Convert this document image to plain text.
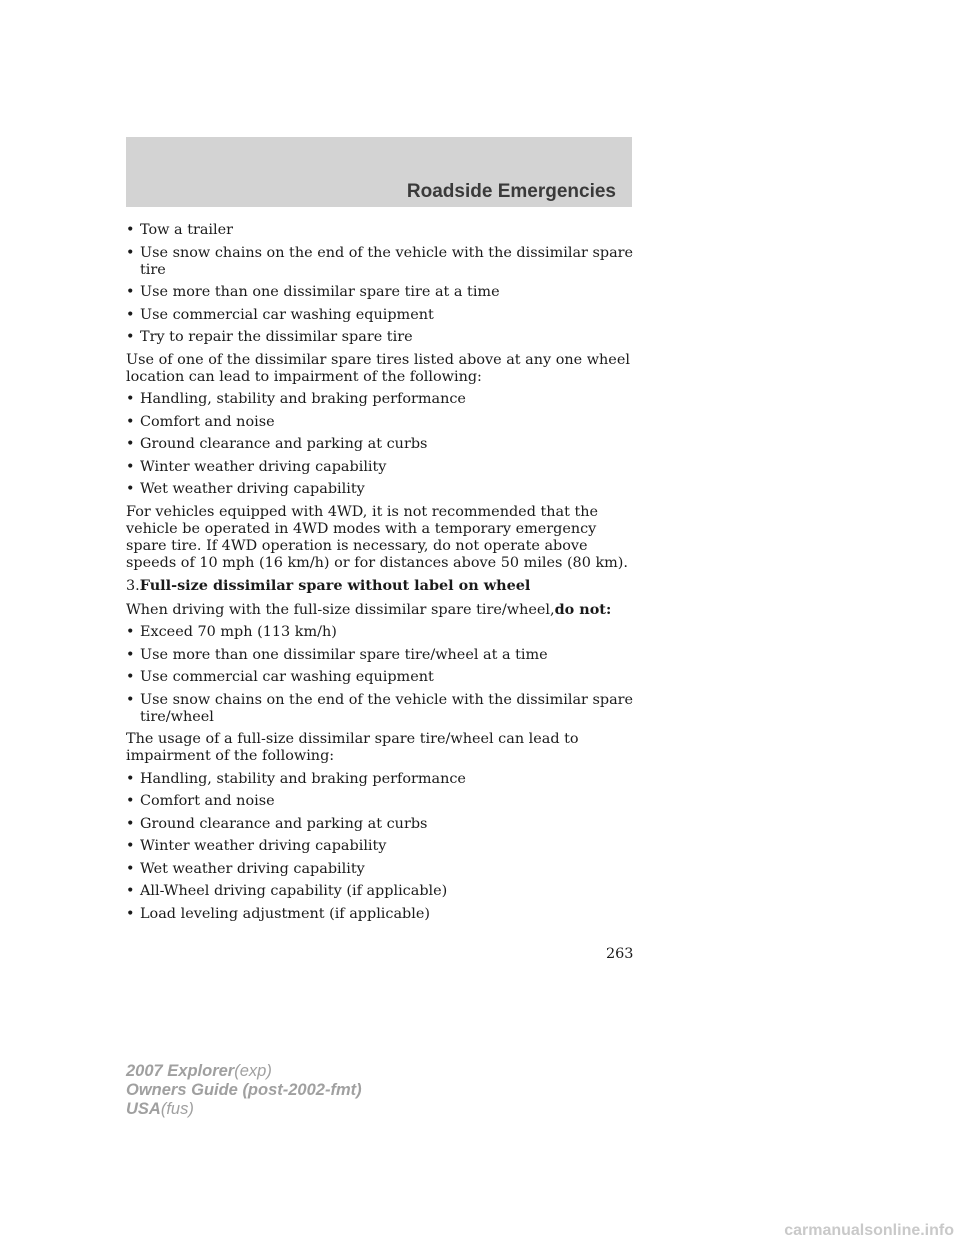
Roadside Emergencies
• Tow a trailer
• Use snow chains on the end of the vehicle with the dissimilar spare tire
• Use more than one dissimilar spare tire at a time
• Use commercial car washing equipment
• Try to repair the dissimilar spare tire

Use of one of the dissimilar spare tires listed above at any one wheel location can lead to impairment of the following:

• Handling, stability and braking performance
• Comfort and noise
• Ground clearance and parking at curbs
• Winter weather driving capability
• Wet weather driving capability

For vehicles equipped with 4WD, it is not recommended that the vehicle be operated in 4WD modes with a temporary emergency spare tire. If 4WD operation is necessary, do not operate above speeds of 10 mph (16 km/h) or for distances above 50 miles (80 km).

3.Full-size dissimilar spare without label on wheel

When driving with the full-size dissimilar spare tire/wheel,do not:

• Exceed 70 mph (113 km/h)
• Use more than one dissimilar spare tire/wheel at a time
• Use commercial car washing equipment
• Use snow chains on the end of the vehicle with the dissimilar spare tire/wheel

The usage of a full-size dissimilar spare tire/wheel can lead to impairment of the following:

• Handling, stability and braking performance
• Comfort and noise
• Ground clearance and parking at curbs
• Winter weather driving capability
• Wet weather driving capability
• All-Wheel driving capability (if applicable)
• Load leveling adjustment (if applicable)
263
2007 Explorer(exp)
Owners Guide (post-2002-fmt)
USA(fus)
carmanualsonline.info
